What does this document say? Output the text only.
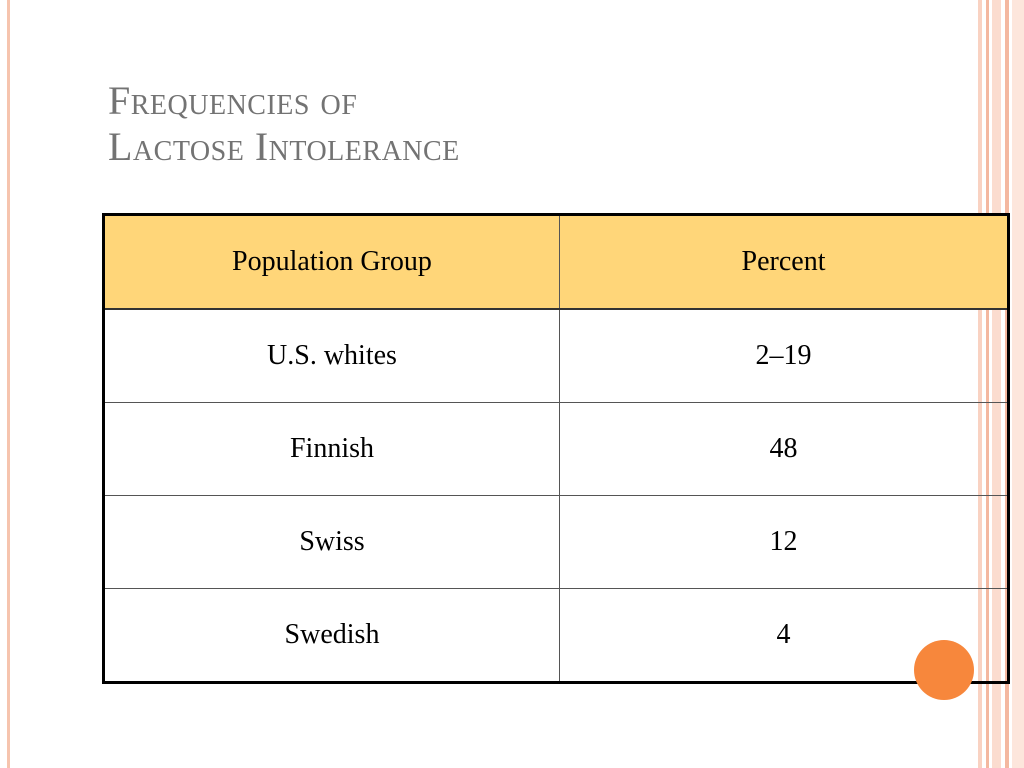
Frequencies of
Lactose Intolerance
Population Group	Percent
U.S. whites	2–19
Finnish	48
Swiss	12
Swedish	4
